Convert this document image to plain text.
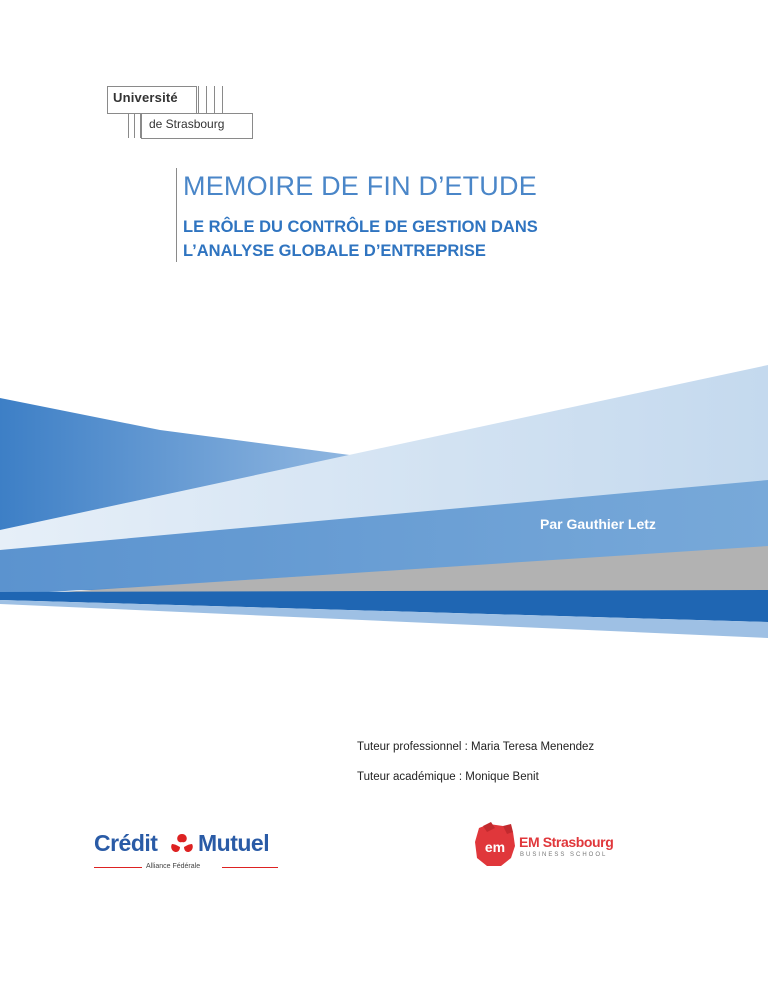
Université
de Strasbourg
MEMOIRE DE FIN D’ETUDE
LE RÔLE DU CONTRÔLE DE GESTION DANS
L’ANALYSE GLOBALE D’ENTREPRISE
Par Gauthier Letz
Tuteur professionnel : Maria Teresa Menendez
Tuteur académique : Monique Benit
Crédit Mutuel
Alliance Fédérale
em EM Strasbourg
BUSINESS SCHOOL
